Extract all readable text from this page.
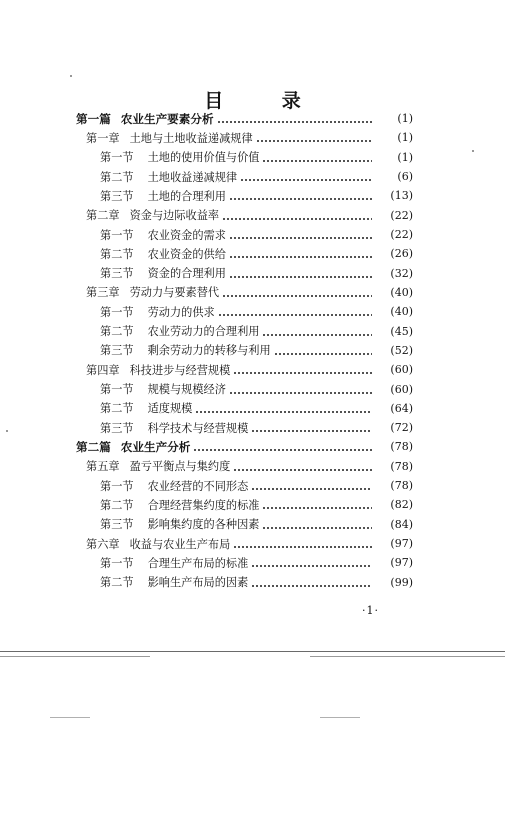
目 录
第一篇 农业生产要素分析	(1)
第一章 土地与土地收益递减规律	(1)
第一节 土地的使用价值与价值	(1)
第二节 土地收益递减规律	(6)
第三节 土地的合理利用	(13)
第二章 资金与边际收益率	(22)
第一节 农业资金的需求	(22)
第二节 农业资金的供给	(26)
第三节 资金的合理利用	(32)
第三章 劳动力与要素替代	(40)
第一节 劳动力的供求	(40)
第二节 农业劳动力的合理利用	(45)
第三节 剩余劳动力的转移与利用	(52)
第四章 科技进步与经营规模	(60)
第一节 规模与规模经济	(60)
第二节 适度规模	(64)
第三节 科学技术与经营规模	(72)
第二篇 农业生产分析	(78)
第五章 盈亏平衡点与集约度	(78)
第一节 农业经营的不同形态	(78)
第二节 合理经营集约度的标准	(82)
第三节 影响集约度的各种因素	(84)
第六章 收益与农业生产布局	(97)
第一节 合理生产布局的标准	(97)
第二节 影响生产布局的因素	(99)
·1·
